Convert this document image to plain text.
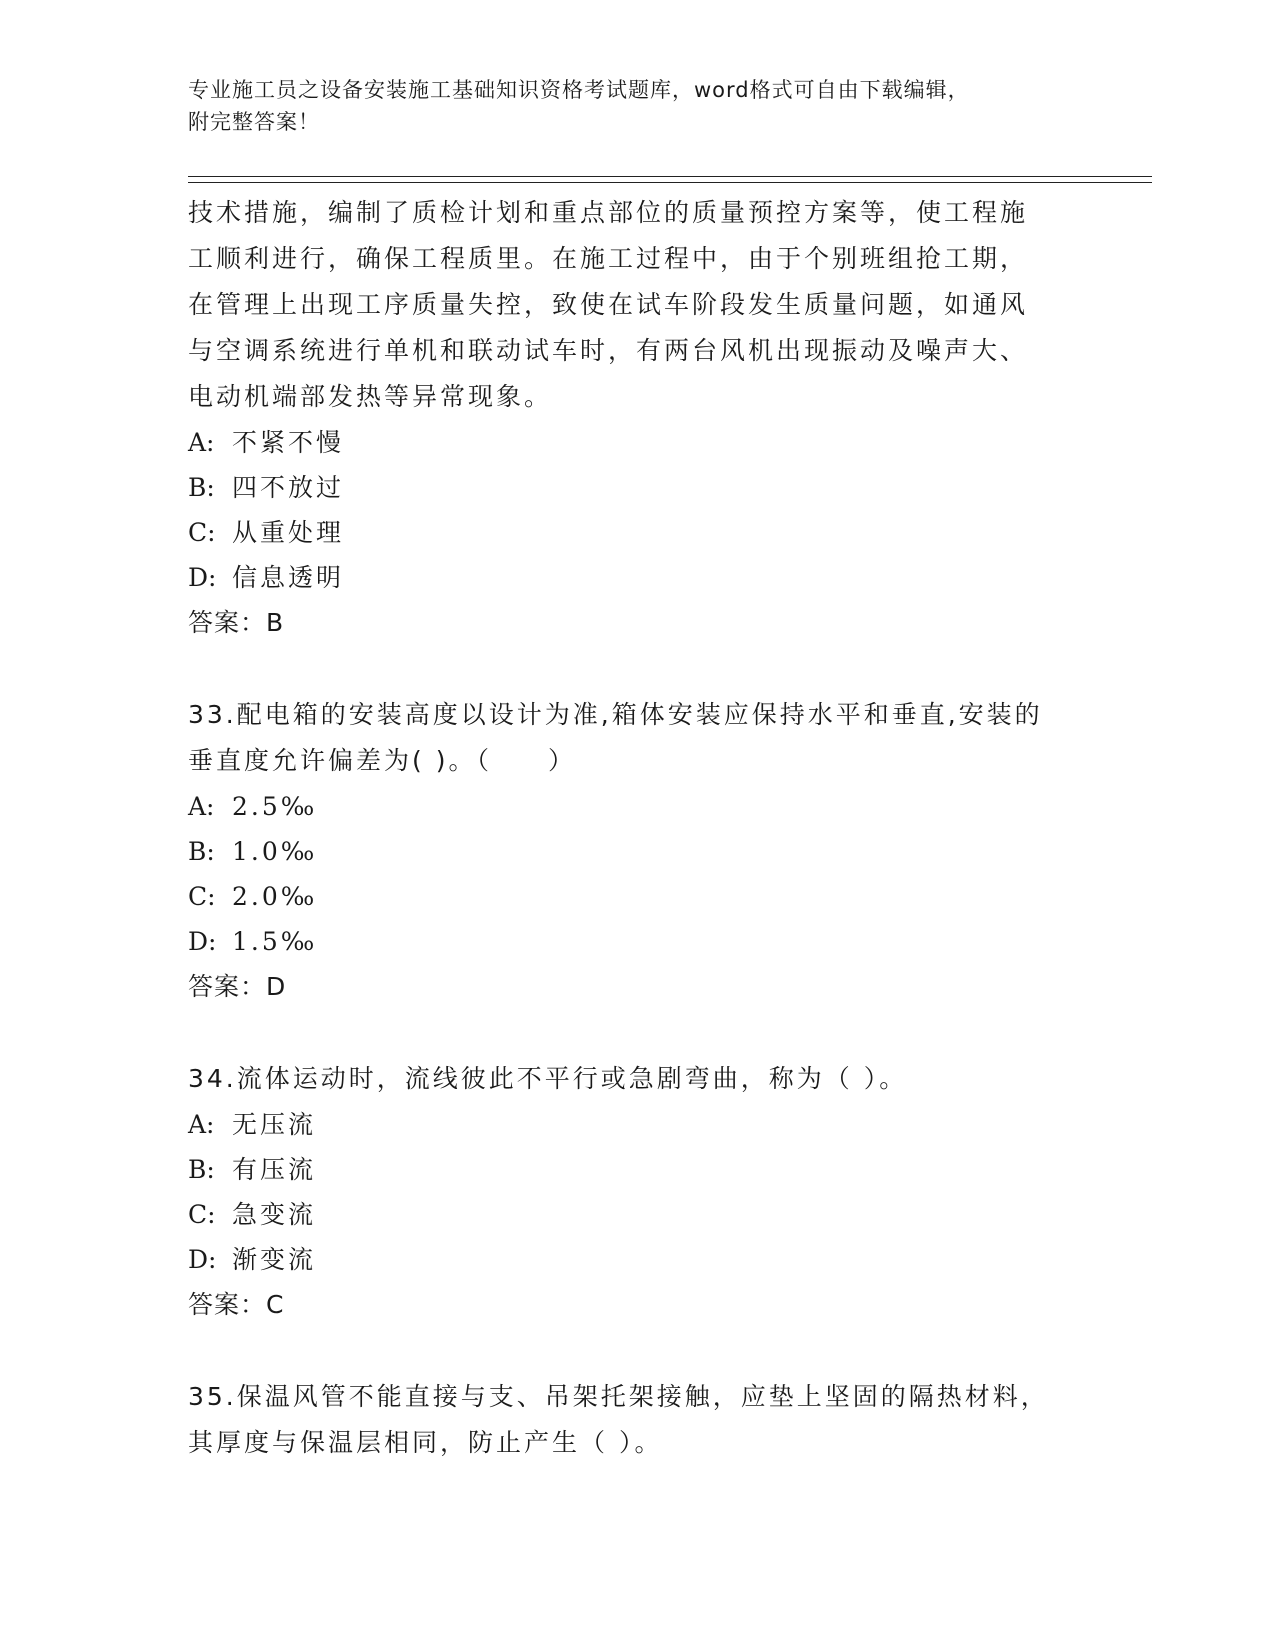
专业施工员之设备安装施工基础知识资格考试题库，word格式可自由下载编辑，
附完整答案！
技术措施，编制了质检计划和重点部位的质量预控方案等，使工程施
工顺利进行，确保工程质里。在施工过程中，由于个别班组抢工期，
在管理上出现工序质量失控，致使在试车阶段发生质量问题，如通风
与空调系统进行单机和联动试车时，有两台风机出现振动及噪声大、
电动机端部发热等异常现象。
A: 不紧不慢
B: 四不放过
C: 从重处理
D: 信息透明
答案：B
33.配电箱的安装高度以设计为准,箱体安装应保持水平和垂直,安装的
垂直度允许偏差为( )。（　　）
A: 2.5‰
B: 1.0‰
C: 2.0‰
D: 1.5‰
答案：D
34.流体运动时，流线彼此不平行或急剧弯曲，称为（ ）。
A: 无压流
B: 有压流
C: 急变流
D: 渐变流
答案：C
35.保温风管不能直接与支、吊架托架接触，应垫上坚固的隔热材料，
其厚度与保温层相同，防止产生（ ）。
